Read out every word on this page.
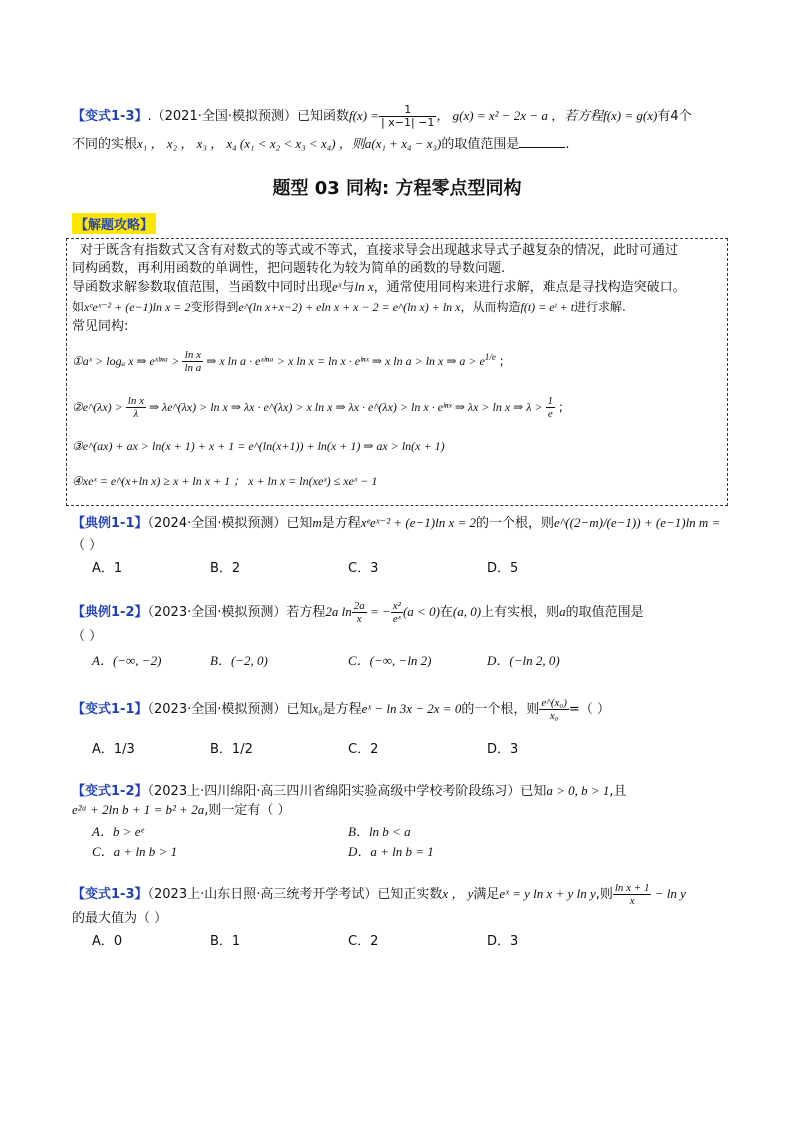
【变式1-3】.（2021·全国·模拟预测）已知函数$f(x) = \frac{1}{| x-1| -1}$ ， g(x) = x² − 2x − a ，若方程f(x) = g(x)有4个
不同的实根x₁ ， x₂ ， x₃ ， x₄ (x₁ < x₂ < x₃ < x₄) ，则a(x₁ + x₄ − x₃)的取值范围是	.
题型 03 同构: 方程零点型同构
【解题攻略】
对于既含有指数式又含有对数式的等式或不等式，直接求导会出现越求导式子越复杂的情况，此时可通过
同构函数，再利用函数的单调性，把问题转化为较为简单的函数的导数问题.
导函数求解参数取值范围，当函数中同时出现eˣ与ln x，通常使用同构来进行求解，难点是寻找构造突破口。
如xᵉeˣ⁻² + (e−1)ln x = 2变形得到e^(ln x+x−2) + eln x + x − 2 = e^(ln x) + ln x，从而构造f(t) = eᵗ + t进行求解.
常见同构:
①aˣ > logₐ x ⇒ eˣˡⁿᵃ > $\frac{\text{ln x}}{\text{ln a}}$ ⇒ x ln a · eˣˡⁿᵃ > x ln x = ln x · eˡⁿˣ ⇒ x ln a > ln x ⇒ $a > e^{1/e}$ ;
②e^(λx) > $\frac{\text{ln x}}{\lambda}$ ⇒ λe^(λx) > ln x ⇒ λx · e^(λx) > x ln x ⇒ λx · e^(λx) > ln x · eˡⁿˣ ⇒ λx > ln x ⇒ $\lambda > \frac{1}{e}$ ;
③e^(ax) + ax > ln(x + 1) + x + 1 = e^(ln(x+1)) + ln(x + 1) ⇒ ax > ln(x + 1)
④xeˣ = e^(x+ln x) ≥ x + ln x + 1 ； x + ln x = ln(xeˣ) ≤ xeˣ − 1
【典例1-1】（2024·全国·模拟预测）已知m是方程xᵉeˣ⁻² + (e−1)ln x = 2的一个根，则e^((2−m)/(e−1)) + (e−1)ln m =
（ ）
A．1	B．2	C．3	D．5
【典例1-2】（2023·全国·模拟预测）若方程2a $\ln \frac{2a}{x}$ = − $\frac{\text{x²}}{\text{eˣ}} (a < 0)$在(a, 0)上有实根，则a的取值范围是
（ ）
A．(−∞, −2)	B．(−2, 0)	C．(−∞, −ln 2)	D．(−ln 2, 0)
【变式1-1】（2023·全国·模拟预测）已知x₀是方程eˣ − ln 3x − 2x = 0的一个根，则 $\frac{\text{e\textasciicircum{}(x₀)}}{\text{x₀}}$ =（ ）
A．1/3	B．1/2	C．2	D．3
【变式1-2】（2023上·四川绵阳·高三四川省绵阳实验高级中学校考阶段练习）已知a > 0, b > 1,且
e²ᵃ + 2ln b + 1 = b² + 2a,则一定有（ ）
A．b > eᵉ	B．ln b < a
C．a + ln b > 1	D．a + ln b = 1
【变式1-3】（2023上·山东日照·高三统考开学考试）已知正实数x ， y满足eˣ = y ln x + y ln y,则 $\frac{\text{ln x + 1}}{x} - \ln y$
的最大值为（ ）
A．0	B．1	C．2	D．3
